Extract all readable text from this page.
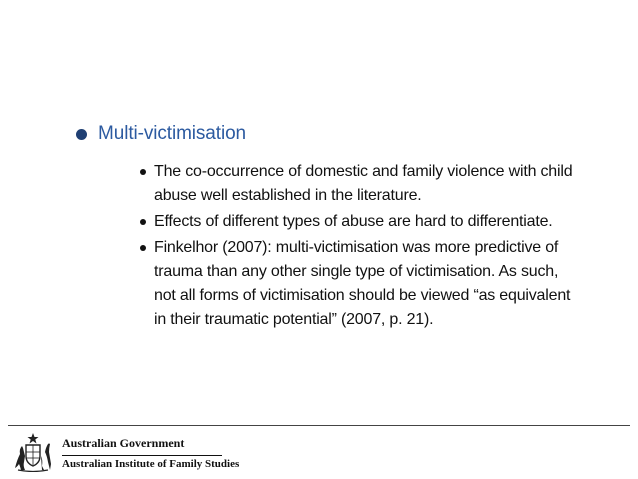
Multi-victimisation
The co-occurrence of domestic and family violence with child abuse well established in the literature.
Effects of different types of abuse are hard to differentiate.
Finkelhor (2007): multi-victimisation was more predictive of trauma than any other single type of victimisation. As such, not all forms of victimisation should be viewed “as equivalent in their traumatic potential” (2007, p. 21).
Australian Government
Australian Institute of Family Studies
